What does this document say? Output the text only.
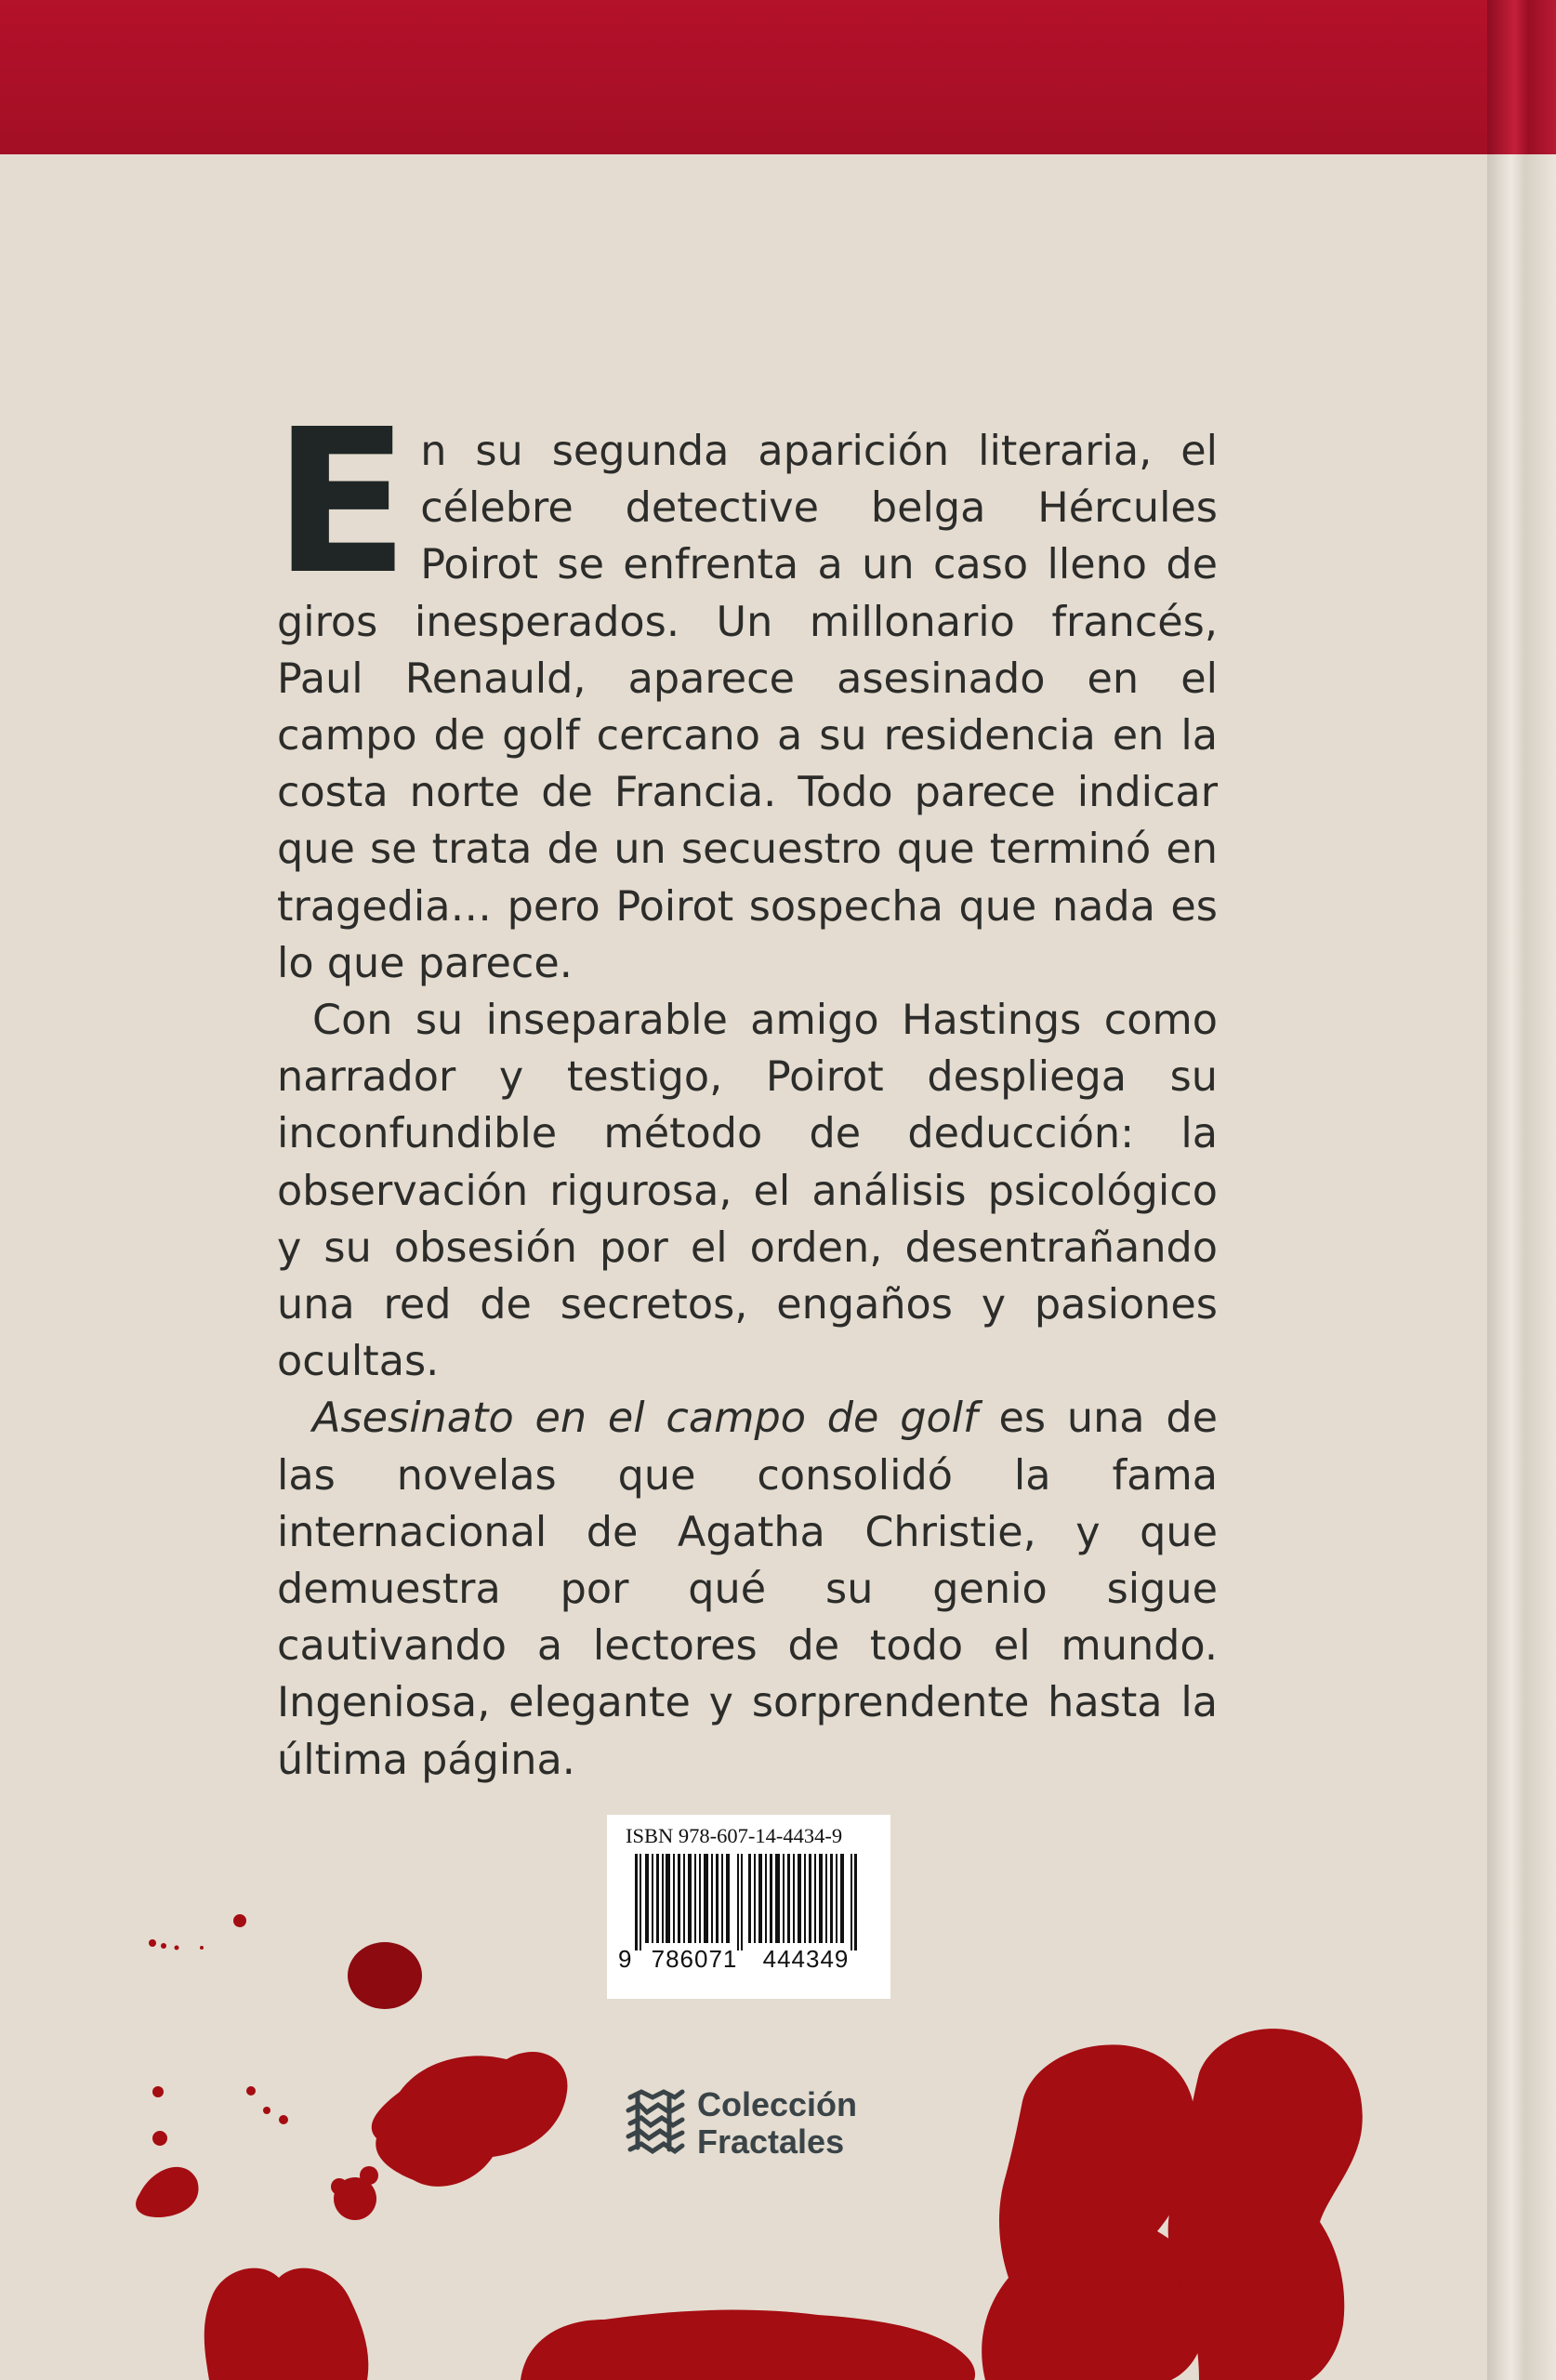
En su segunda aparición literaria, el célebre detective belga Hércules Poirot se enfrenta a un caso lleno de giros inesperados. Un millonario francés, Paul Renauld, aparece asesinado en el campo de golf cercano a su residencia en la costa norte de Francia. Todo parece indicar que se trata de un secuestro que terminó en tragedia… pero Poirot sospecha que nada es lo que parece.

Con su inseparable amigo Hastings como narrador y testigo, Poirot despliega su inconfundible método de deducción: la observación rigurosa, el análisis psicológico y su obsesión por el orden, desentrañando una red de secretos, engaños y pasiones ocultas.

Asesinato en el campo de golf es una de las novelas que consolidó la fama internacional de Agatha Christie, y que demuestra por qué su genio sigue cautivando a lectores de todo el mundo. Ingeniosa, elegante y sorprendente hasta la última página.

ISBN 978-607-14-4434-9
9 786071 444349
Colección
Fractales
